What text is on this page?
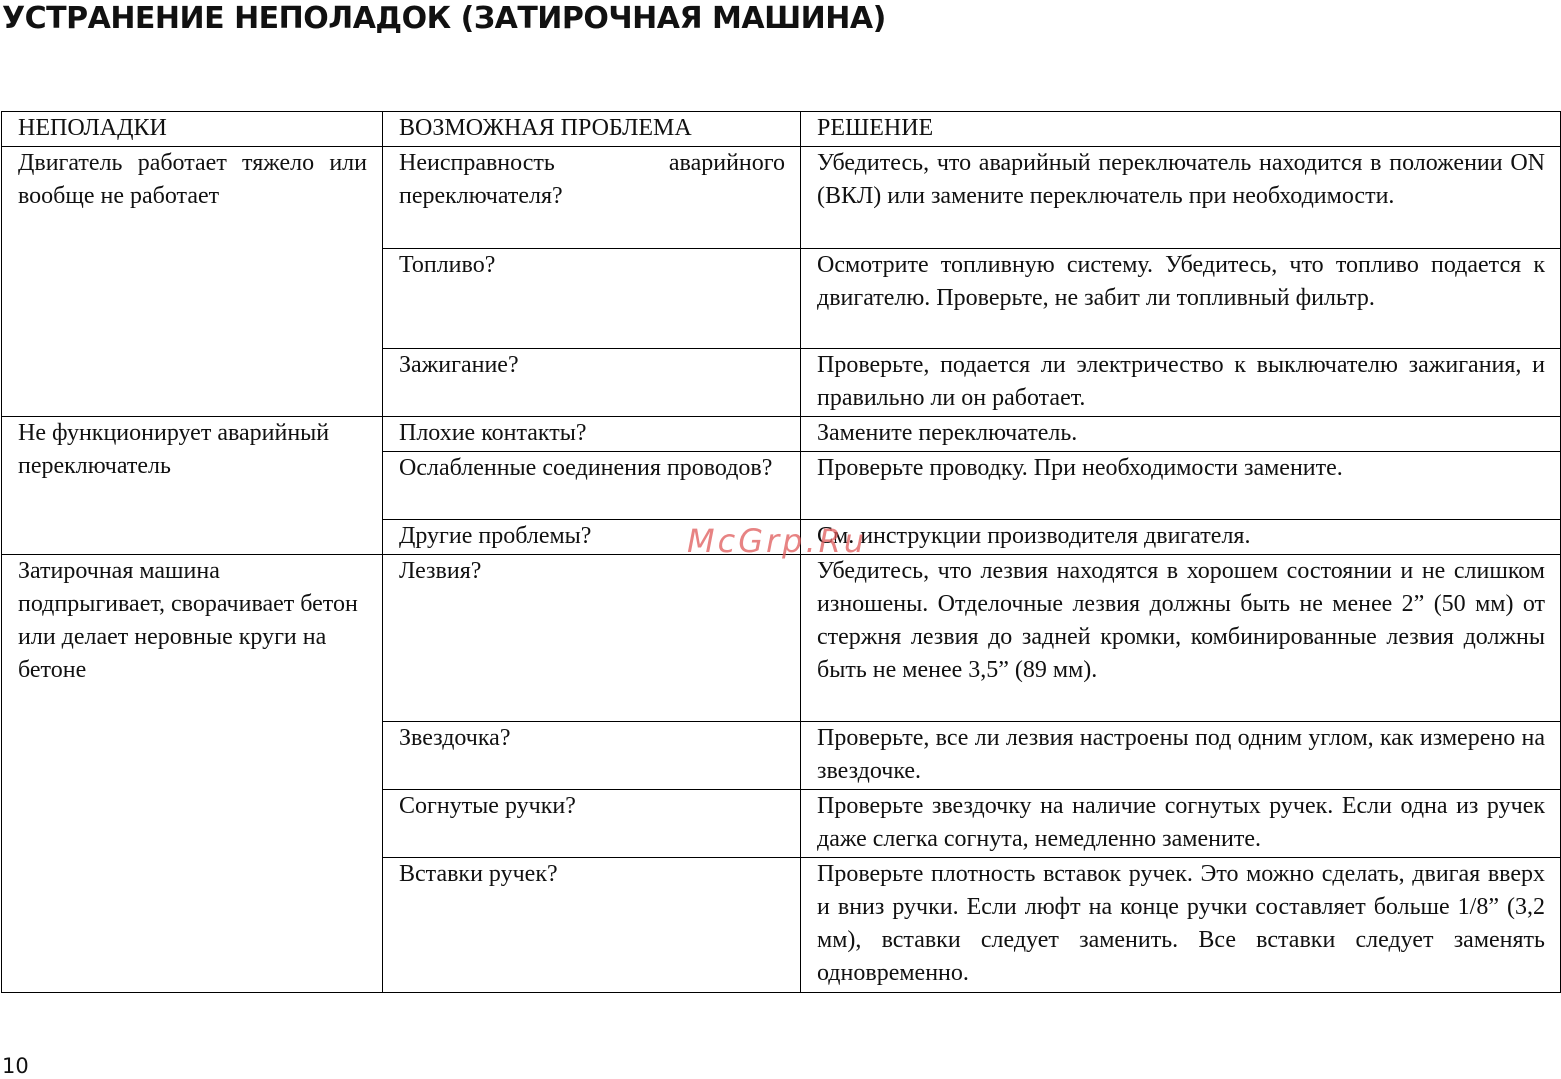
УСТРАНЕНИЕ НЕПОЛАДОК (ЗАТИРОЧНАЯ МАШИНА)
НЕПОЛАДКИ	ВОЗМОЖНАЯ ПРОБЛЕМА	РЕШЕНИЕ
Двигатель работает тяжело или вообще не работает	Неисправность аварийного переключателя?	Убедитесь, что аварийный переключатель находится в положении ON (ВКЛ) или замените переключатель при необходимости.
	Топливо?	Осмотрите топливную систему. Убедитесь, что топливо подается к двигателю. Проверьте, не забит ли топливный фильтр.
	Зажигание?	Проверьте, подается ли электричество к выключателю зажигания, и правильно ли он работает.
Не функционирует аварийный переключатель	Плохие контакты?	Замените переключатель.
	Ослабленные соединения проводов?	Проверьте проводку. При необходимости замените.
	Другие проблемы?	См. инструкции производителя двигателя.
Затирочная машина подпрыгивает, сворачивает бетон или делает неровные круги на бетоне	Лезвия?	Убедитесь, что лезвия находятся в хорошем состоянии и не слишком изношены. Отделочные лезвия должны быть не менее 2” (50 мм) от стержня лезвия до задней кромки, комбинированные лезвия должны быть не менее 3,5” (89 мм).
	Звездочка?	Проверьте, все ли лезвия настроены под одним углом, как измерено на звездочке.
	Согнутые ручки?	Проверьте звездочку на наличие согнутых ручек. Если одна из ручек даже слегка согнута, немедленно замените.
	Вставки ручек?	Проверьте плотность вставок ручек. Это можно сделать, двигая вверх и вниз ручки. Если люфт на конце ручки составляет больше 1/8” (3,2 мм), вставки следует заменить. Все вставки следует заменять одновременно.
McGrp.Ru
10
